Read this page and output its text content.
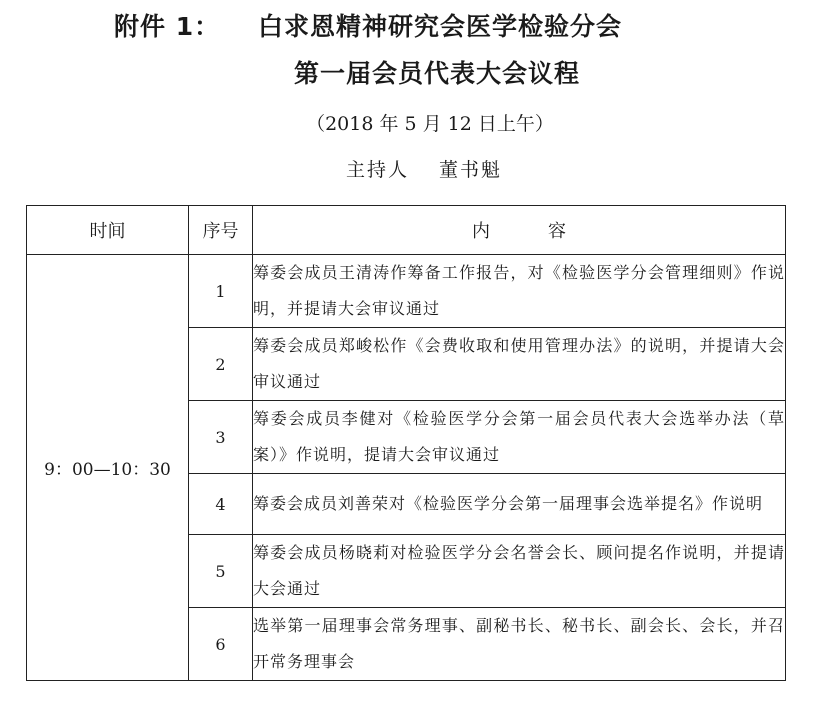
附件 1： 白求恩精神研究会医学检验分会
第一届会员代表大会议程
（2018 年 5 月 12 日上午）
主持人 董书魁
时间	序号	内容
9：00—10：30	1	筹委会成员王清涛作筹备工作报告，对《检验医学分会管理细则》作说明，并提请大会审议通过
	2	筹委会成员郑峻松作《会费收取和使用管理办法》的说明，并提请大会审议通过
	3	筹委会成员李健对《检验医学分会第一届会员代表大会选举办法（草案）》作说明，提请大会审议通过
	4	筹委会成员刘善荣对《检验医学分会第一届理事会选举提名》作说明
	5	筹委会成员杨晓莉对检验医学分会名誉会长、顾问提名作说明，并提请大会通过
	6	选举第一届理事会常务理事、副秘书长、秘书长、副会长、会长，并召开常务理事会
